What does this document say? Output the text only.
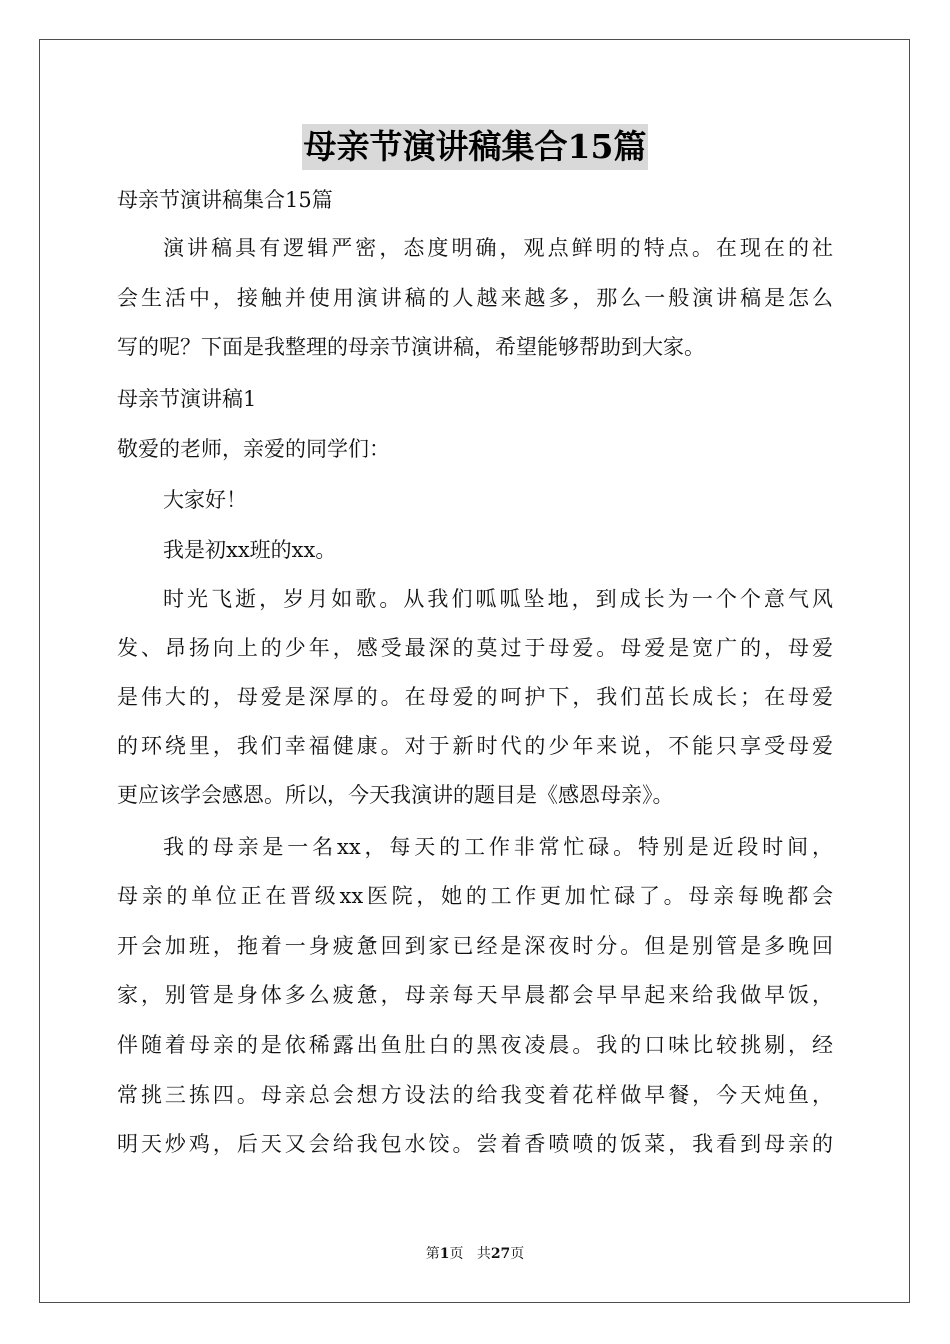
母亲节演讲稿集合15篇
母亲节演讲稿集合15篇
演讲稿具有逻辑严密，态度明确，观点鲜明的特点。在现在的社
会生活中，接触并使用演讲稿的人越来越多，那么一般演讲稿是怎么
写的呢？下面是我整理的母亲节演讲稿，希望能够帮助到大家。
母亲节演讲稿1
敬爱的老师，亲爱的同学们：
大家好！
我是初xx班的xx。
时光飞逝，岁月如歌。从我们呱呱坠地，到成长为一个个意气风
发、昂扬向上的少年，感受最深的莫过于母爱。母爱是宽广的，母爱
是伟大的，母爱是深厚的。在母爱的呵护下，我们茁长成长；在母爱
的环绕里，我们幸福健康。对于新时代的少年来说，不能只享受母爱
更应该学会感恩。所以，今天我演讲的题目是《感恩母亲》。
我的母亲是一名xx，每天的工作非常忙碌。特别是近段时间，
母亲的单位正在晋级xx医院，她的工作更加忙碌了。母亲每晚都会
开会加班，拖着一身疲惫回到家已经是深夜时分。但是别管是多晚回
家，别管是身体多么疲惫，母亲每天早晨都会早早起来给我做早饭，
伴随着母亲的是依稀露出鱼肚白的黑夜凌晨。我的口味比较挑剔，经
常挑三拣四。母亲总会想方设法的给我变着花样做早餐，今天炖鱼，
明天炒鸡，后天又会给我包水饺。尝着香喷喷的饭菜，我看到母亲的
第1页 共27页
